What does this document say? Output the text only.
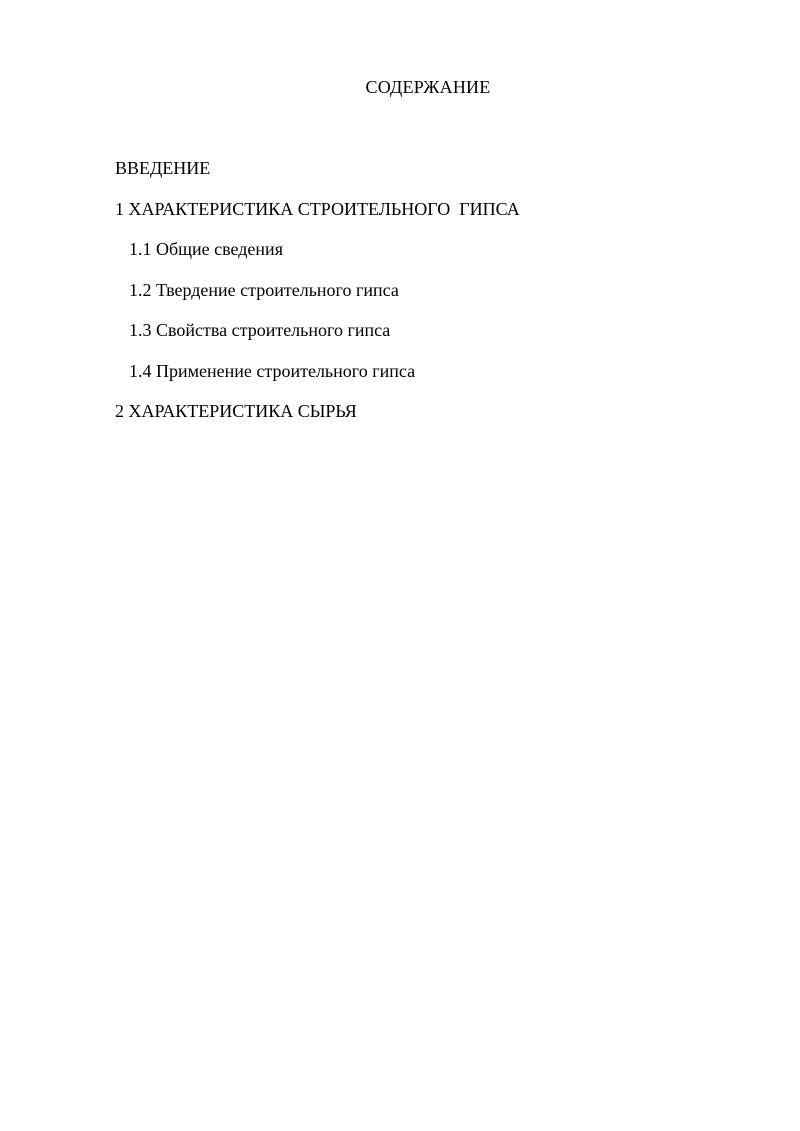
СОДЕРЖАНИЕ
ВВЕДЕНИЕ
1 ХАРАКТЕРИСТИКА СТРОИТЕЛЬНОГО  ГИПСА
1.1 Общие сведения
1.2 Твердение строительного гипса
1.3 Свойства строительного гипса
1.4 Применение строительного гипса
2 ХАРАКТЕРИСТИКА СЫРЬЯ
